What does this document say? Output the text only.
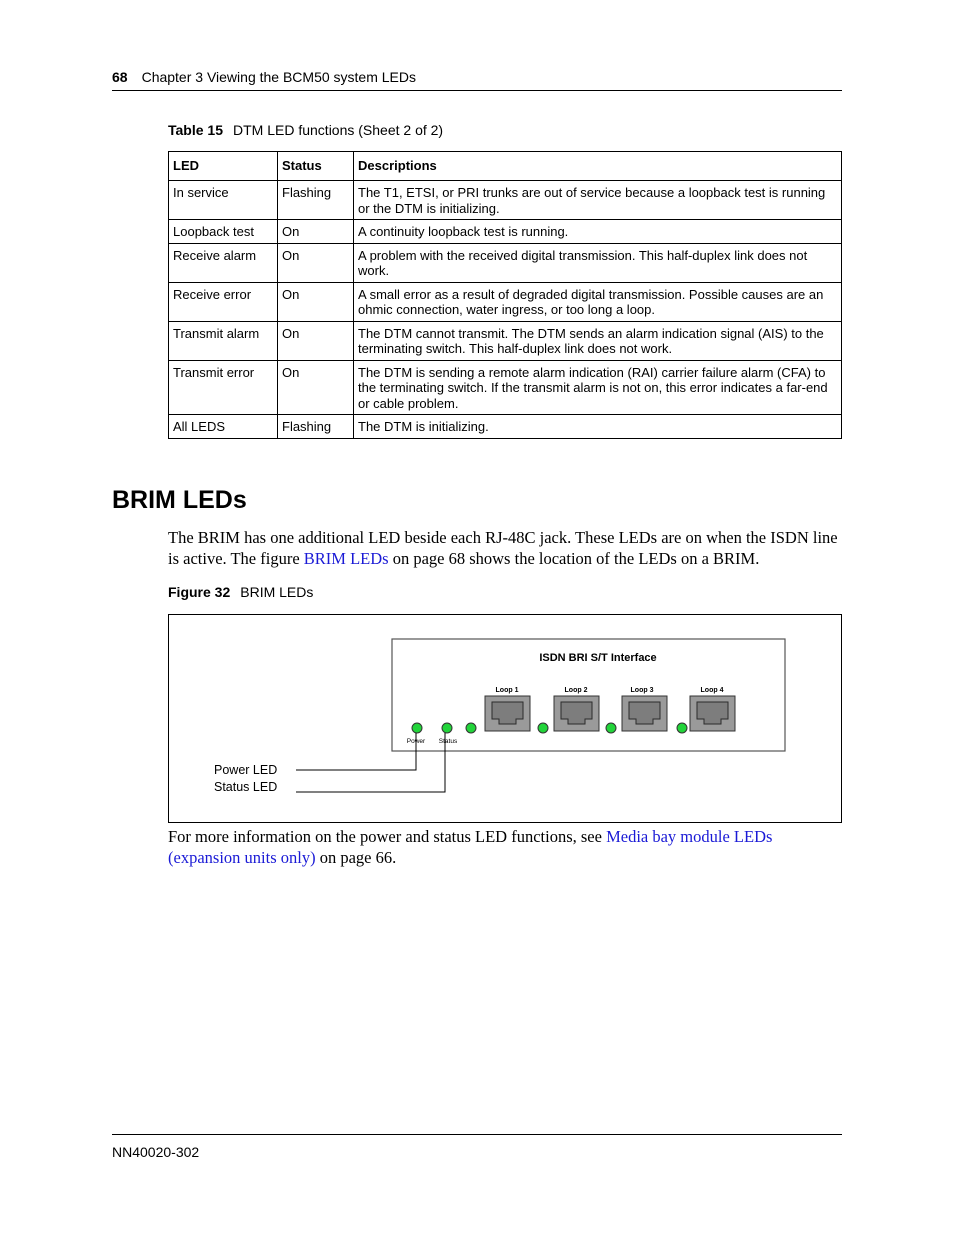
68 Chapter 3 Viewing the BCM50 system LEDs
Table 15 DTM LED functions (Sheet 2 of 2)
LED	Status	Descriptions
In service	Flashing	The T1, ETSI, or PRI trunks are out of service because a loopback test is running or the DTM is initializing.
Loopback test	On	A continuity loopback test is running.
Receive alarm	On	A problem with the received digital transmission. This half-duplex link does not work.
Receive error	On	A small error as a result of degraded digital transmission. Possible causes are an ohmic connection, water ingress, or too long a loop.
Transmit alarm	On	The DTM cannot transmit. The DTM sends an alarm indication signal (AIS) to the terminating switch. This half-duplex link does not work.
Transmit error	On	The DTM is sending a remote alarm indication (RAI) carrier failure alarm (CFA) to the terminating switch. If the transmit alarm is not on, this error indicates a far-end or cable problem.
All LEDS	Flashing	The DTM is initializing.
BRIM LEDs
The BRIM has one additional LED beside each RJ-48C jack. These LEDs are on when the ISDN line is active. The figure BRIM LEDs on page 68 shows the location of the LEDs on a BRIM.
Figure 32 BRIM LEDs
ISDN BRI S/T Interface
Loop 1	Loop 2	Loop 3	Loop 4
Power Status
Power LED
Status LED
For more information on the power and status LED functions, see Media bay module LEDs (expansion units only) on page 66.
NN40020-302
